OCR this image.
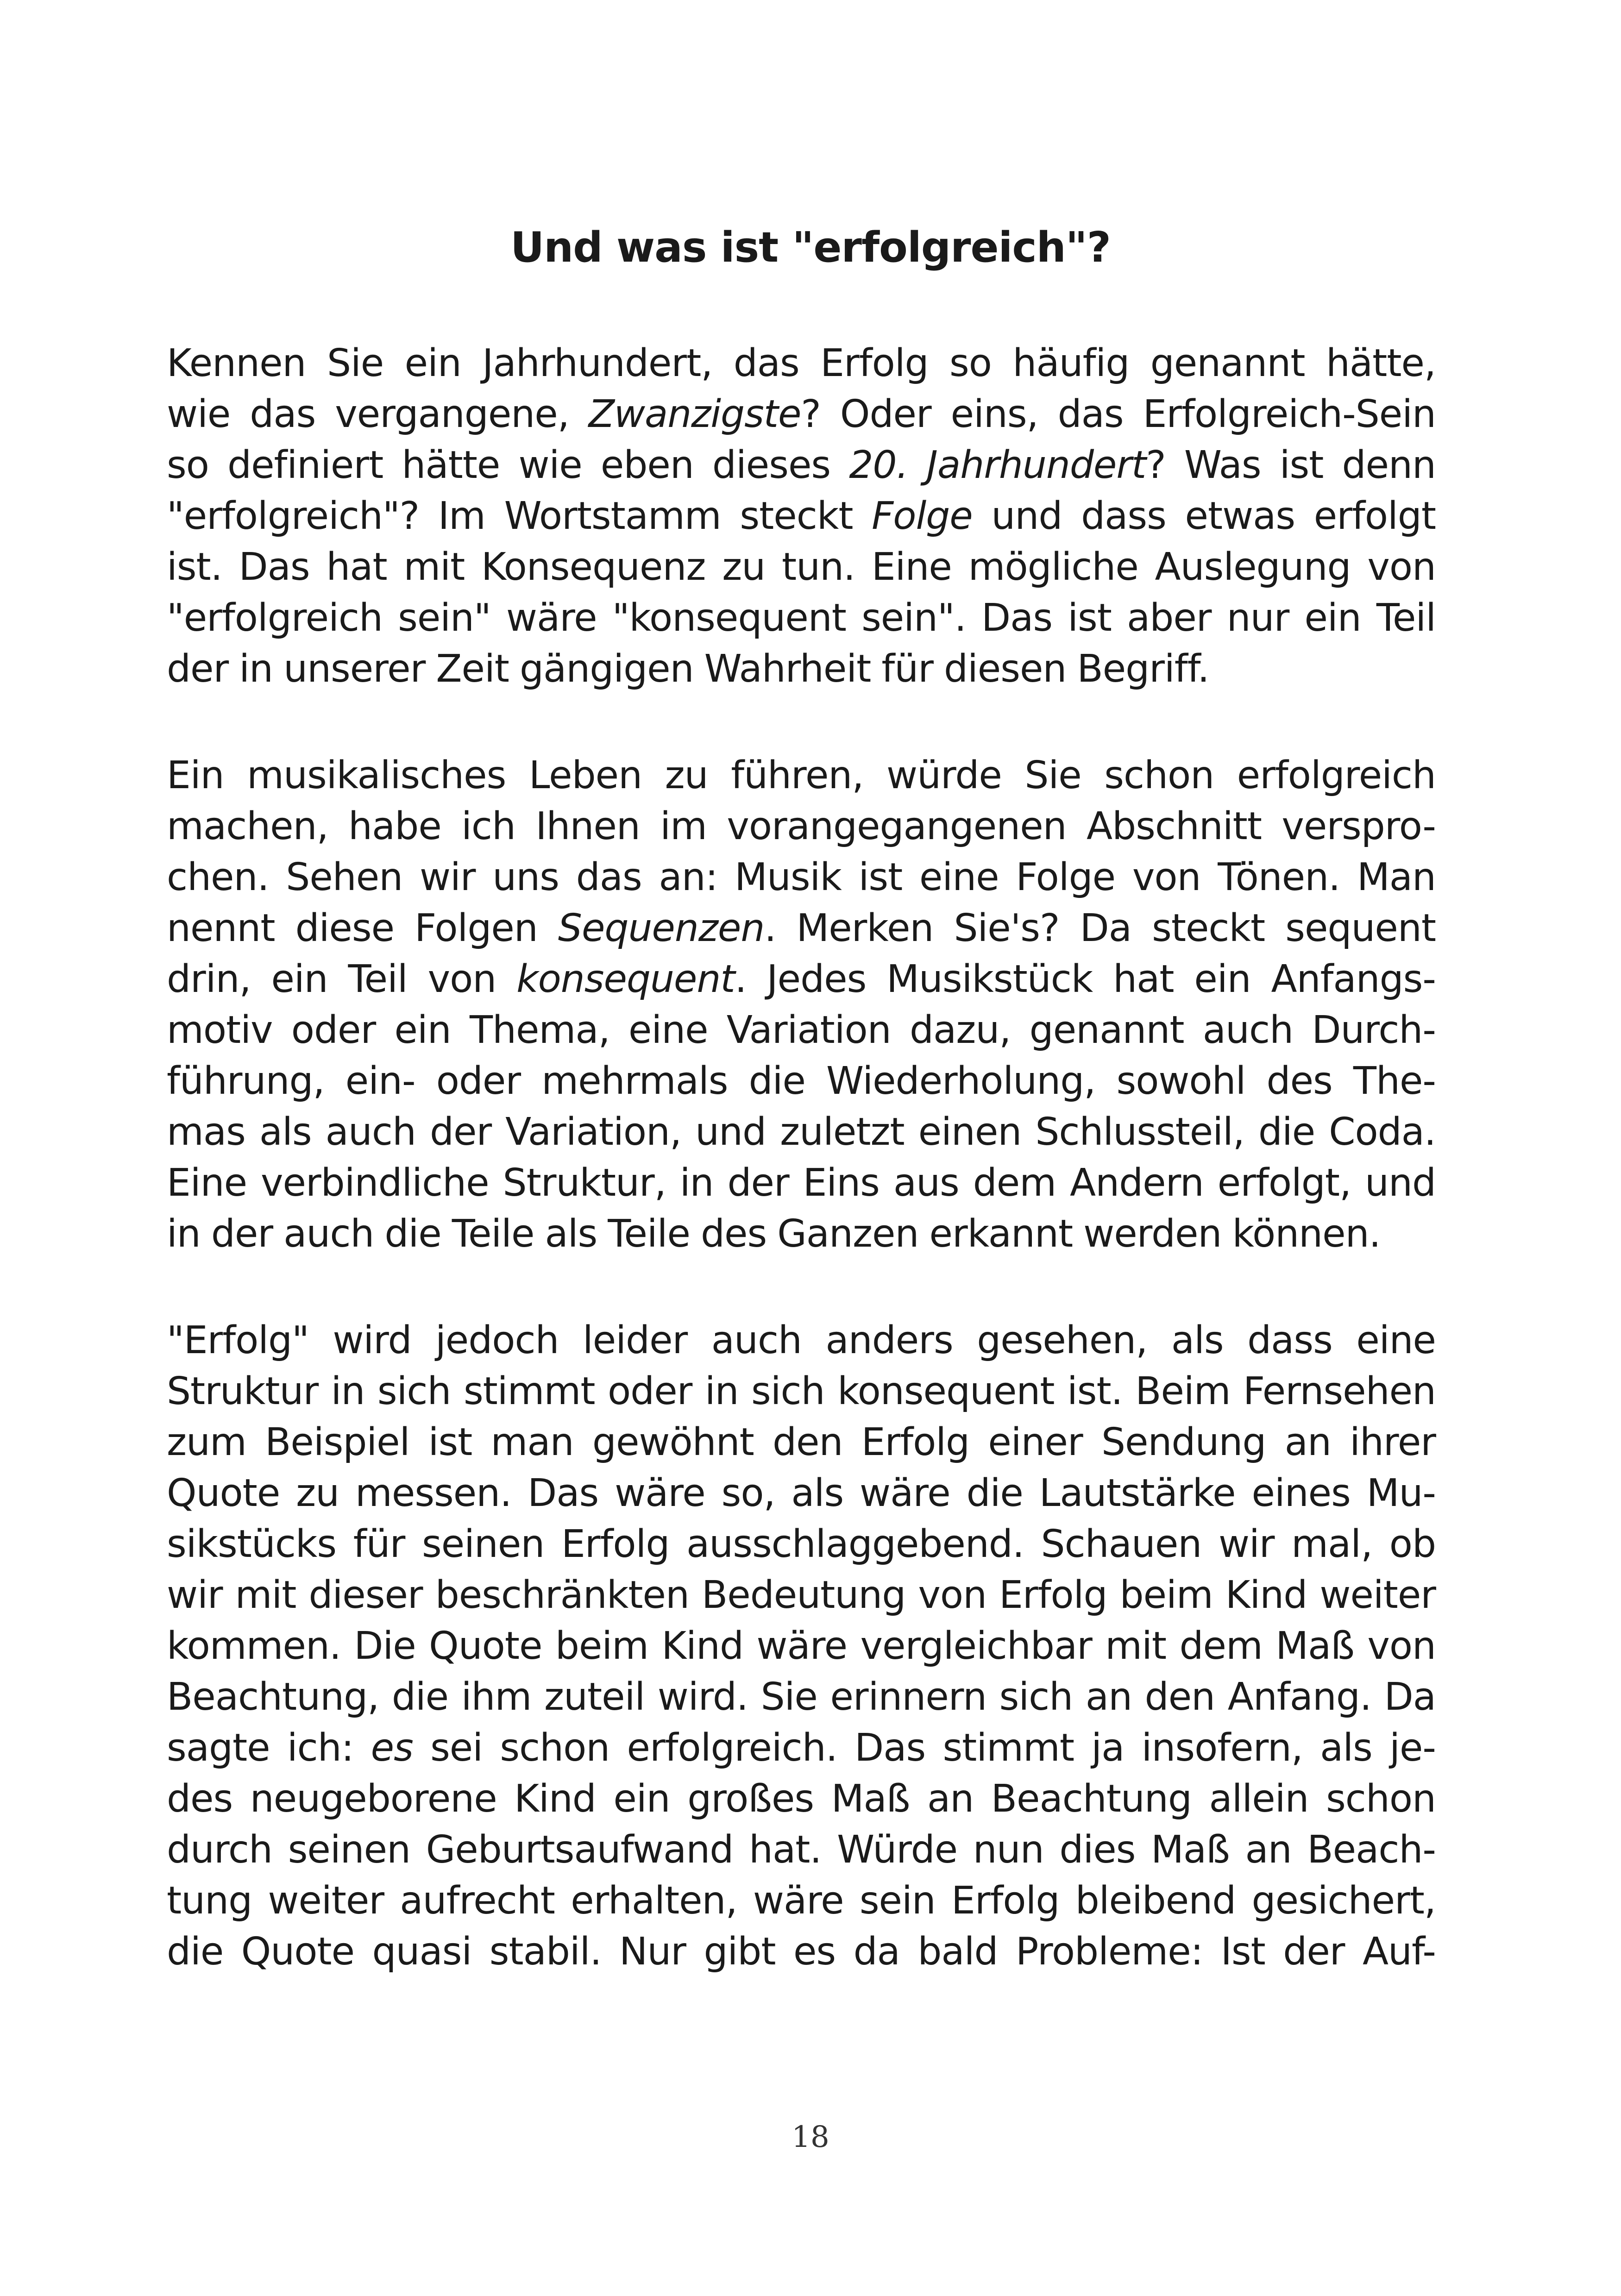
Und was ist "erfolgreich"?
Kennen Sie ein Jahrhundert, das Erfolg so häufig genannt hätte,
wie das vergangene, Zwanzigste? Oder eins, das Erfolgreich-Sein
so definiert hätte wie eben dieses 20. Jahrhundert? Was ist denn
"erfolgreich"? Im Wortstamm steckt Folge und dass etwas erfolgt
ist. Das hat mit Konsequenz zu tun. Eine mögliche Auslegung von
"erfolgreich sein" wäre "konsequent sein". Das ist aber nur ein Teil
der in unserer Zeit gängigen Wahrheit für diesen Begriff.
Ein musikalisches Leben zu führen, würde Sie schon erfolgreich
machen, habe ich Ihnen im vorangegangenen Abschnitt verspro-
chen. Sehen wir uns das an: Musik ist eine Folge von Tönen. Man
nennt diese Folgen Sequenzen. Merken Sie's? Da steckt sequent
drin, ein Teil von konsequent. Jedes Musikstück hat ein Anfangs-
motiv oder ein Thema, eine Variation dazu, genannt auch Durch-
führung, ein- oder mehrmals die Wiederholung, sowohl des The-
mas als auch der Variation, und zuletzt einen Schlussteil, die Coda.
Eine verbindliche Struktur, in der Eins aus dem Andern erfolgt, und
in der auch die Teile als Teile des Ganzen erkannt werden können.
"Erfolg" wird jedoch leider auch anders gesehen, als dass eine
Struktur in sich stimmt oder in sich konsequent ist. Beim Fernsehen
zum Beispiel ist man gewöhnt den Erfolg einer Sendung an ihrer
Quote zu messen. Das wäre so, als wäre die Lautstärke eines Mu-
sikstücks für seinen Erfolg ausschlaggebend. Schauen wir mal, ob
wir mit dieser beschränkten Bedeutung von Erfolg beim Kind weiter
kommen. Die Quote beim Kind wäre vergleichbar mit dem Maß von
Beachtung, die ihm zuteil wird. Sie erinnern sich an den Anfang. Da
sagte ich: es sei schon erfolgreich. Das stimmt ja insofern, als je-
des neugeborene Kind ein großes Maß an Beachtung allein schon
durch seinen Geburtsaufwand hat. Würde nun dies Maß an Beach-
tung weiter aufrecht erhalten, wäre sein Erfolg bleibend gesichert,
die Quote quasi stabil. Nur gibt es da bald Probleme: Ist der Auf-
18
